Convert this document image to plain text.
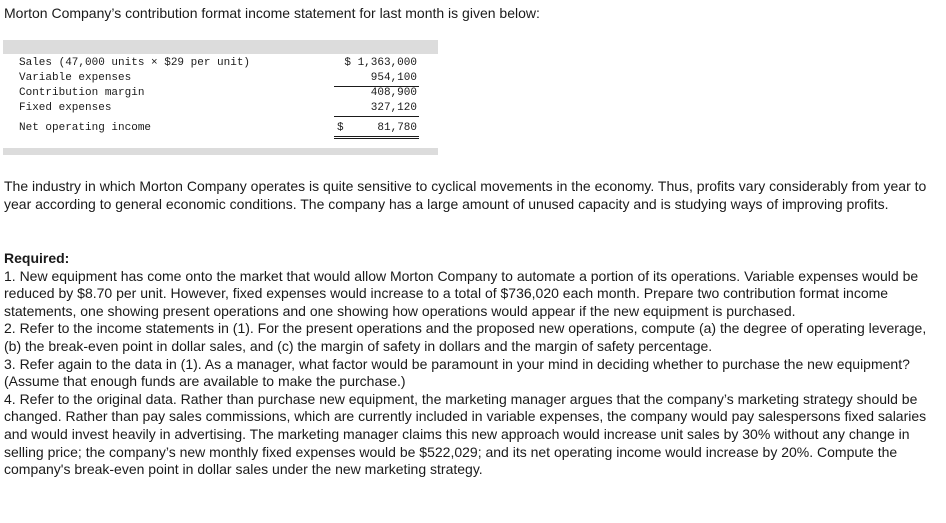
Morton Company’s contribution format income statement for last month is given below:
Sales (47,000 units × $29 per unit)	$ 1,363,000
Variable expenses	954,100
Contribution margin	408,900
Fixed expenses	327,120
Net operating income	$	81,780
The industry in which Morton Company operates is quite sensitive to cyclical movements in the economy. Thus, profits vary considerably from year to year according to general economic conditions. The company has a large amount of unused capacity and is studying ways of improving profits.
Required:

1. New equipment has come onto the market that would allow Morton Company to automate a portion of its operations. Variable expenses would be reduced by $8.70 per unit. However, fixed expenses would increase to a total of $736,020 each month. Prepare two contribution format income statements, one showing present operations and one showing how operations would appear if the new equipment is purchased.

2. Refer to the income statements in (1). For the present operations and the proposed new operations, compute (a) the degree of operating leverage, (b) the break-even point in dollar sales, and (c) the margin of safety in dollars and the margin of safety percentage.

3. Refer again to the data in (1). As a manager, what factor would be paramount in your mind in deciding whether to purchase the new equipment? (Assume that enough funds are available to make the purchase.)

4. Refer to the original data. Rather than purchase new equipment, the marketing manager argues that the company’s marketing strategy should be changed. Rather than pay sales commissions, which are currently included in variable expenses, the company would pay salespersons fixed salaries and would invest heavily in advertising. The marketing manager claims this new approach would increase unit sales by 30% without any change in selling price; the company’s new monthly fixed expenses would be $522,029; and its net operating income would increase by 20%. Compute the company's break-even point in dollar sales under the new marketing strategy.
